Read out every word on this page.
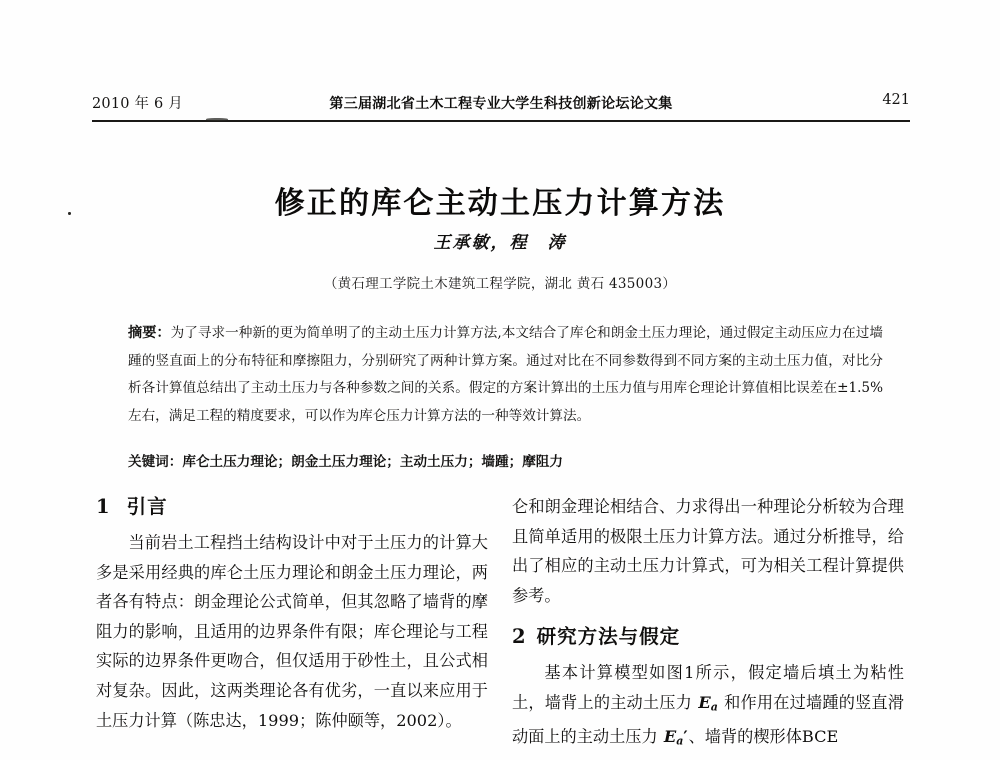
2010 年 6 月	第三届湖北省土木工程专业大学生科技创新论坛论文集	421
修正的库仑主动土压力计算方法
王承敏，程　涛
（黄石理工学院土木建筑工程学院，湖北 黄石 435003）
摘要：为了寻求一种新的更为简单明了的主动土压力计算方法,本文结合了库仑和朗金土压力理论，通过假定主动压应力在过墙踵的竖直面上的分布特征和摩擦阻力，分别研究了两种计算方案。通过对比在不同参数得到不同方案的主动土压力值，对比分析各计算值总结出了主动土压力与各种参数之间的关系。假定的方案计算出的土压力值与用库仑理论计算值相比误差在±1.5%左右，满足工程的精度要求，可以作为库仑压力计算方法的一种等效计算法。
关键词：库仑土压力理论；朗金土压力理论；主动土压力；墙踵；摩阻力
1 引言

当前岩土工程挡土结构设计中对于土压力的计算大多是采用经典的库仑土压力理论和朗金土压力理论，两者各有特点：朗金理论公式简单，但其忽略了墙背的摩阻力的影响，且适用的边界条件有限；库仑理论与工程实际的边界条件更吻合，但仅适用于砂性土，且公式相对复杂。因此，这两类理论各有优劣，一直以来应用于土压力计算（陈忠达，1999；陈仲颐等，2002）。

仑和朗金理论相结合、力求得出一种理论分析较为合理且简单适用的极限土压力计算方法。通过分析推导，给出了相应的主动土压力计算式，可为相关工程计算提供参考。

2 研究方法与假定

基本计算模型如图1所示，假定墙后填土为粘性土，墙背上的主动土压力 $E_a$ 和作用在过墙踵的竖直滑动面上的主动土压力 $E_a'$、墙背的楔形体BCE
